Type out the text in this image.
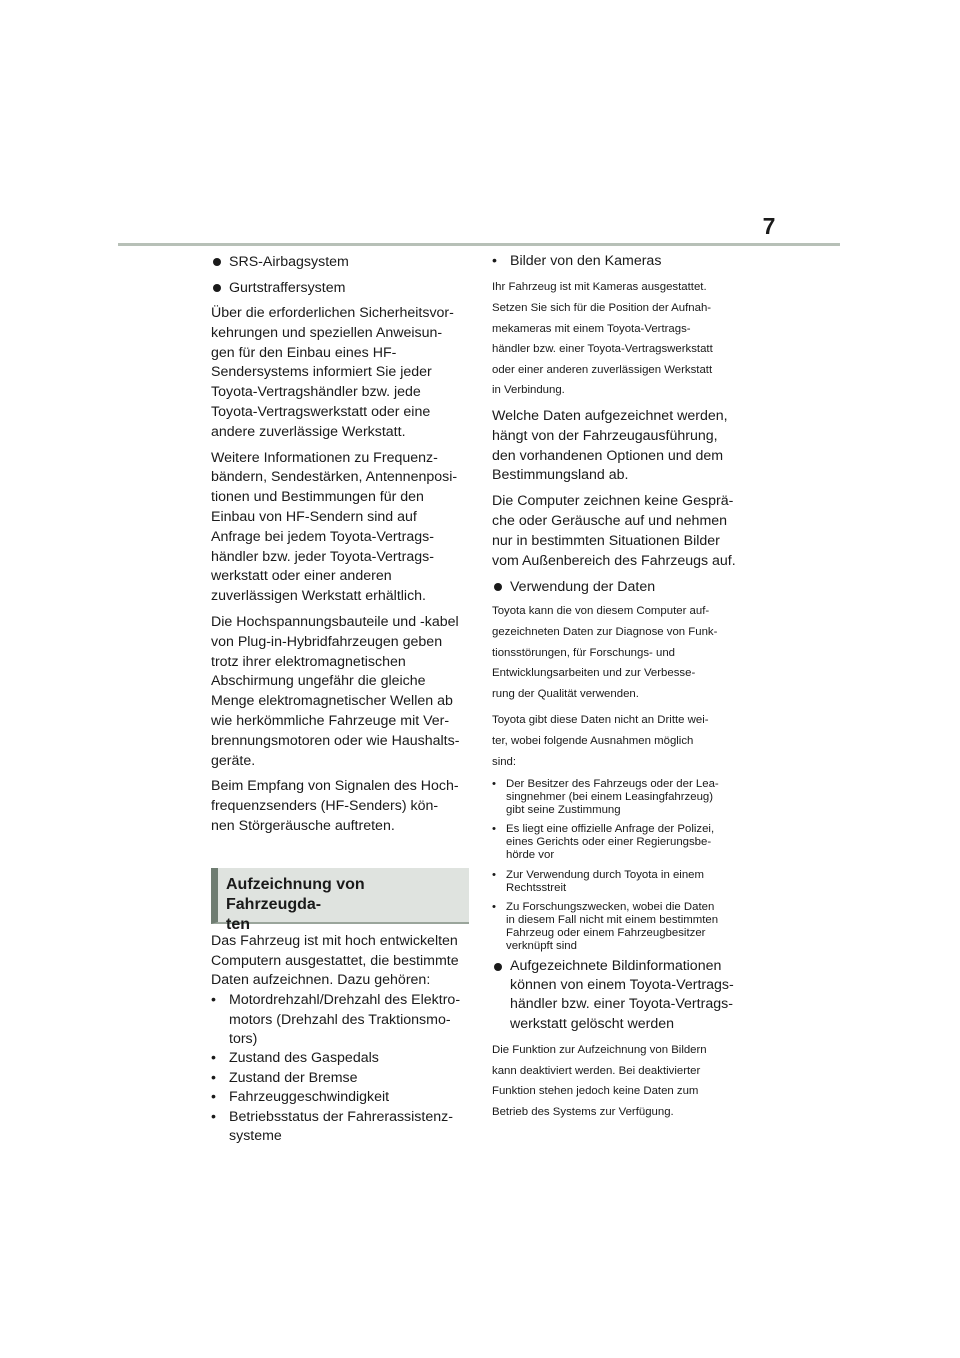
7
SRS-Airbagsystem
Gurtstraffersystem
Über die erforderlichen Sicherheitsvor-
kehrungen und speziellen Anweisun-
gen für den Einbau eines HF-
Sendersystems informiert Sie jeder
Toyota-Vertragshändler bzw. jede
Toyota-Vertragswerkstatt oder eine
andere zuverlässige Werkstatt.
Weitere Informationen zu Frequenz-
bändern, Sendestärken, Antennenposi-
tionen und Bestimmungen für den
Einbau von HF-Sendern sind auf
Anfrage bei jedem Toyota-Vertrags-
händler bzw. jeder Toyota-Vertrags-
werkstatt oder einer anderen
zuverlässigen Werkstatt erhältlich.
Die Hochspannungsbauteile und -kabel
von Plug-in-Hybridfahrzeugen geben
trotz ihrer elektromagnetischen
Abschirmung ungefähr die gleiche
Menge elektromagnetischer Wellen ab
wie herkömmliche Fahrzeuge mit Ver-
brennungsmotoren oder wie Haushalts-
geräte.
Beim Empfang von Signalen des Hoch-
frequenzsenders (HF-Senders) kön-
nen Störgeräusche auftreten.
Aufzeichnung von Fahrzeugda-
ten
Das Fahrzeug ist mit hoch entwickelten
Computern ausgestattet, die bestimmte
Daten aufzeichnen. Dazu gehören:
• Motordrehzahl/Drehzahl des Elektro-
motors (Drehzahl des Traktionsmo-
tors)
• Zustand des Gaspedals
• Zustand der Bremse
• Fahrzeuggeschwindigkeit
• Betriebsstatus der Fahrerassistenz-
systeme
• Bilder von den Kameras
Ihr Fahrzeug ist mit Kameras ausgestattet.
Setzen Sie sich für die Position der Aufnah-
mekameras mit einem Toyota-Vertrags-
händler bzw. einer Toyota-Vertragswerkstatt
oder einer anderen zuverlässigen Werkstatt
in Verbindung.
Welche Daten aufgezeichnet werden,
hängt von der Fahrzeugausführung,
den vorhandenen Optionen und dem
Bestimmungsland ab.
Die Computer zeichnen keine Gesprä-
che oder Geräusche auf und nehmen
nur in bestimmten Situationen Bilder
vom Außenbereich des Fahrzeugs auf.
Verwendung der Daten
Toyota kann die von diesem Computer auf-
gezeichneten Daten zur Diagnose von Funk-
tionsstörungen, für Forschungs- und
Entwicklungsarbeiten und zur Verbesse-
rung der Qualität verwenden.
Toyota gibt diese Daten nicht an Dritte wei-
ter, wobei folgende Ausnahmen möglich
sind:
• Der Besitzer des Fahrzeugs oder der Lea-
singnehmer (bei einem Leasingfahrzeug)
gibt seine Zustimmung
• Es liegt eine offizielle Anfrage der Polizei,
eines Gerichts oder einer Regierungsbe-
hörde vor
• Zur Verwendung durch Toyota in einem
Rechtsstreit
• Zu Forschungszwecken, wobei die Daten
in diesem Fall nicht mit einem bestimmten
Fahrzeug oder einem Fahrzeugbesitzer
verknüpft sind
Aufgezeichnete Bildinformationen
können von einem Toyota-Vertrags-
händler bzw. einer Toyota-Vertrags-
werkstatt gelöscht werden
Die Funktion zur Aufzeichnung von Bildern
kann deaktiviert werden. Bei deaktivierter
Funktion stehen jedoch keine Daten zum
Betrieb des Systems zur Verfügung.
